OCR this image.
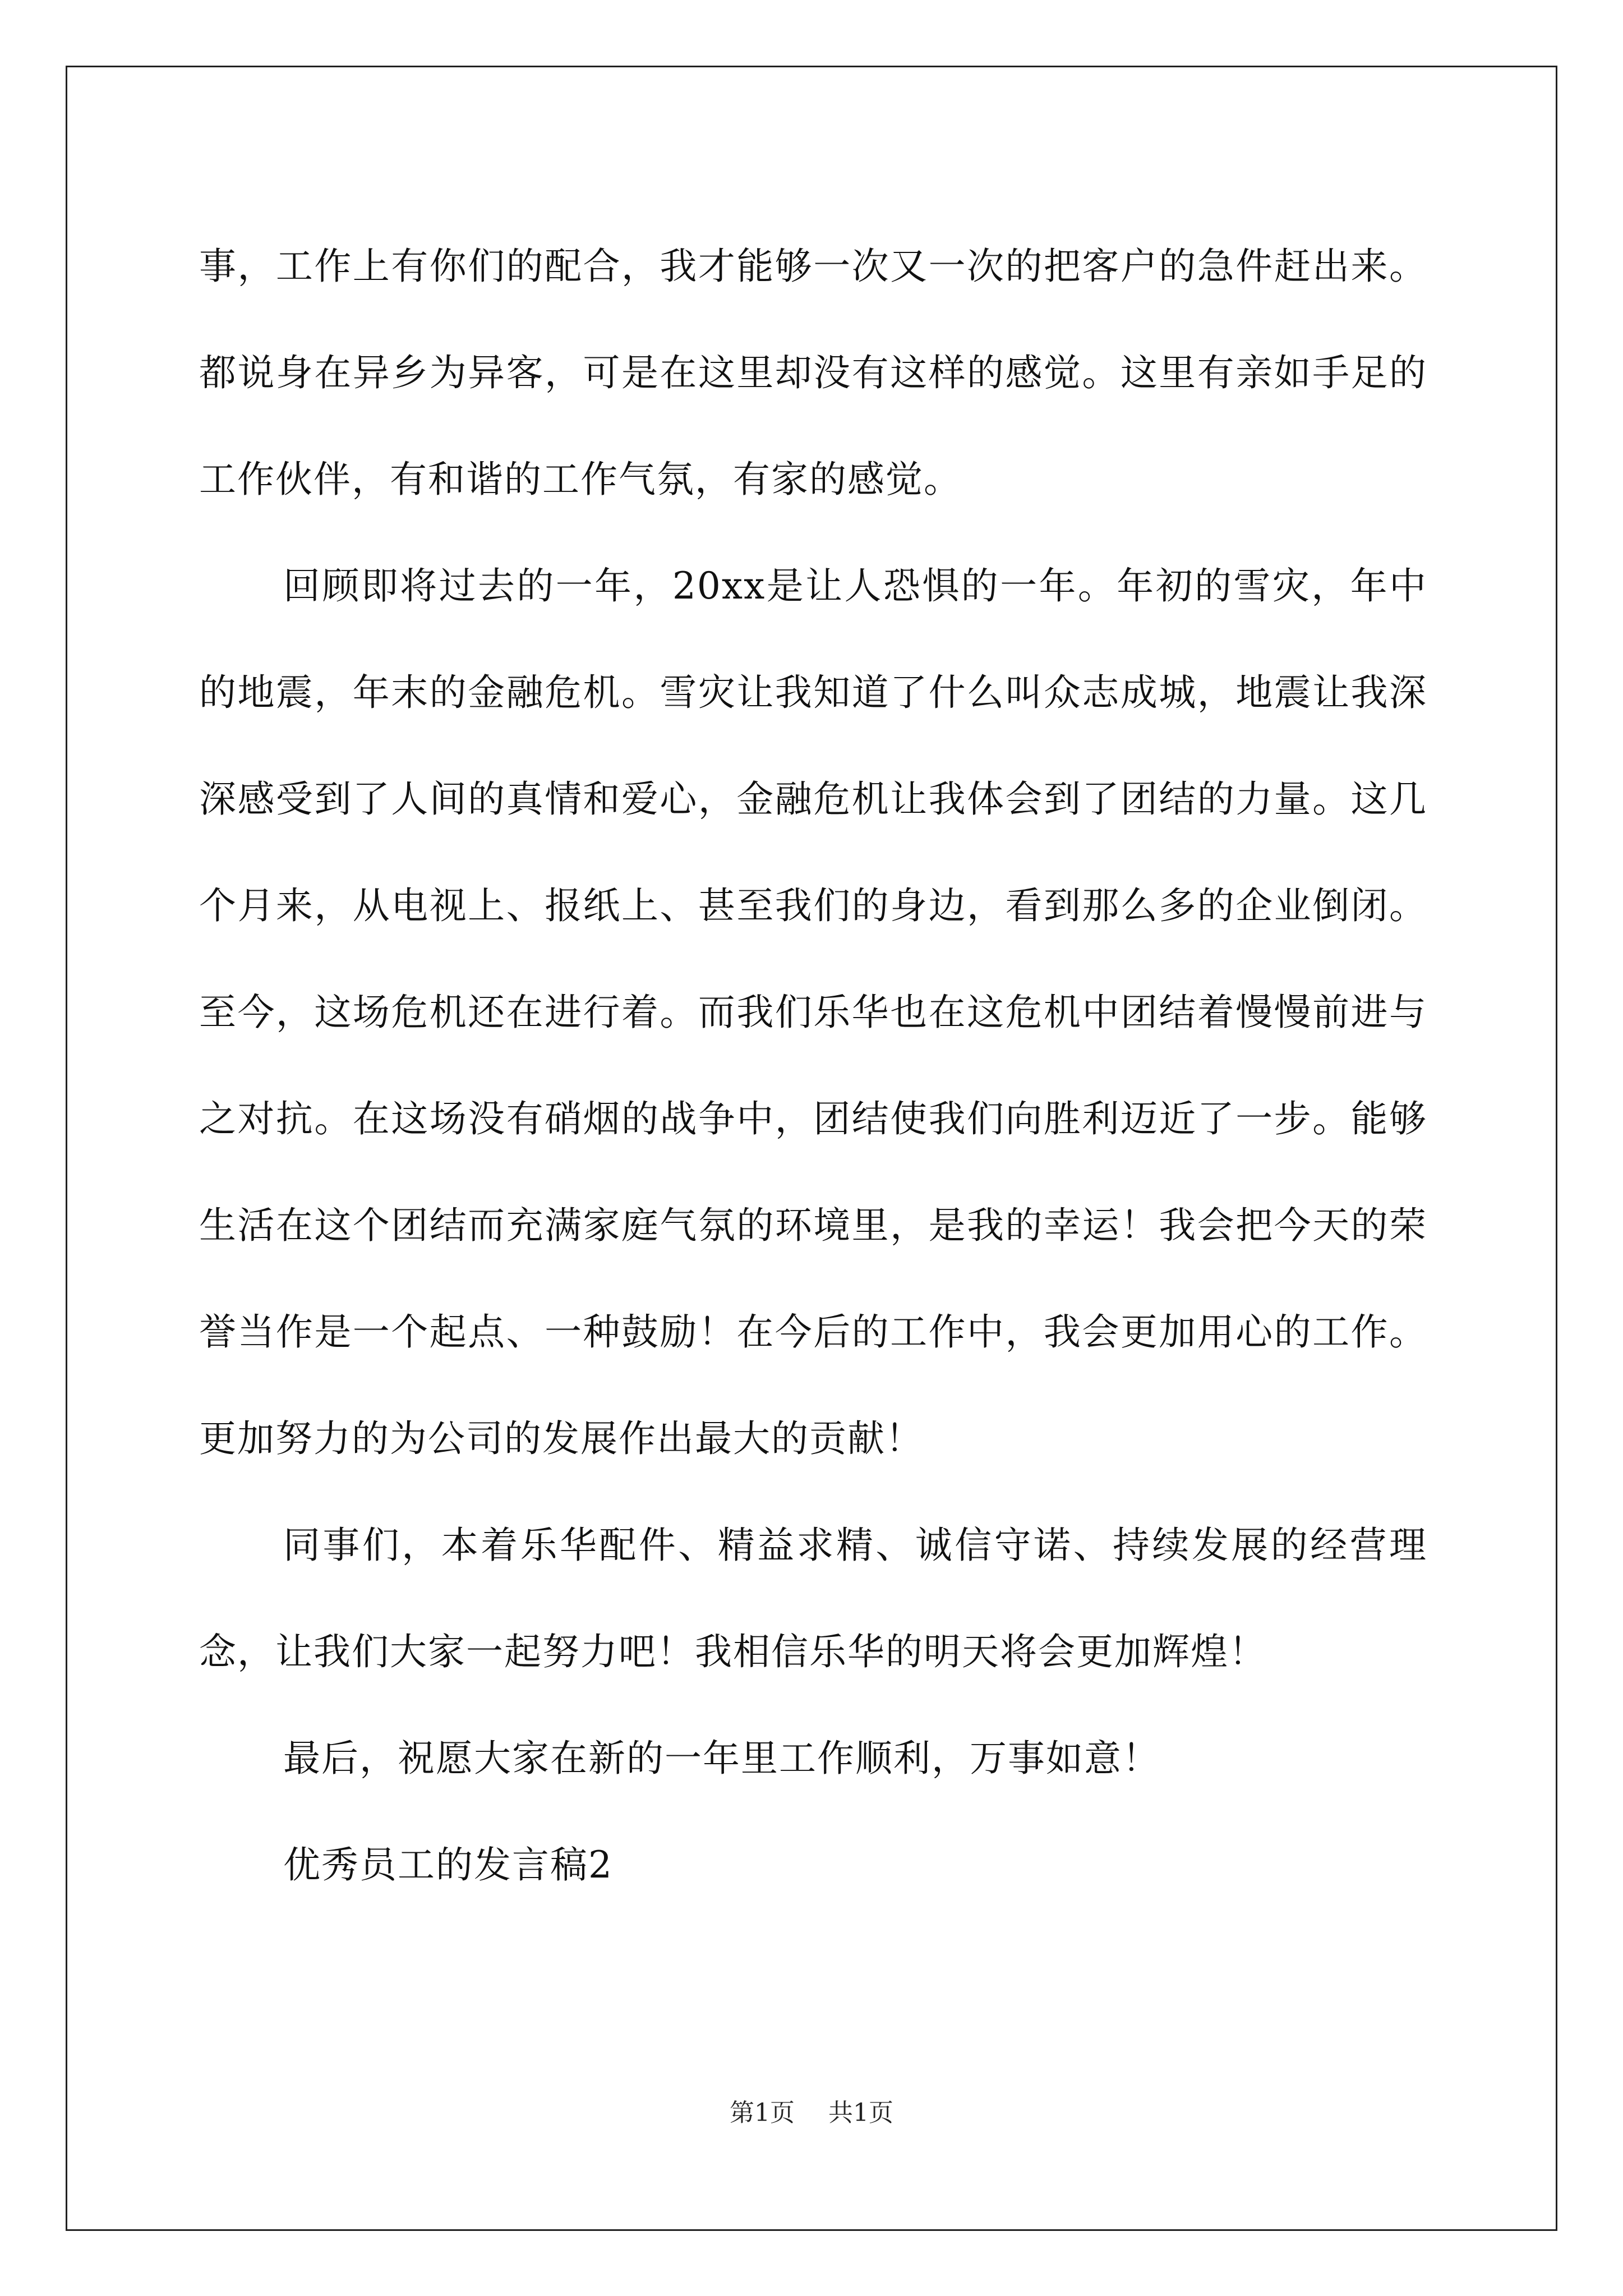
事，工作上有你们的配合，我才能够一次又一次的把客户的急件赶出来。都说身在异乡为异客，可是在这里却没有这样的感觉。这里有亲如手足的工作伙伴，有和谐的工作气氛，有家的感觉。

回顾即将过去的一年，20xx是让人恐惧的一年。年初的雪灾，年中的地震，年末的金融危机。雪灾让我知道了什么叫众志成城，地震让我深深感受到了人间的真情和爱心，金融危机让我体会到了团结的力量。这几个月来，从电视上、报纸上、甚至我们的身边，看到那么多的企业倒闭。至今，这场危机还在进行着。而我们乐华也在这危机中团结着慢慢前进与之对抗。在这场没有硝烟的战争中，团结使我们向胜利迈近了一步。能够生活在这个团结而充满家庭气氛的环境里，是我的幸运！我会把今天的荣誉当作是一个起点、一种鼓励！在今后的工作中，我会更加用心的工作。更加努力的为公司的发展作出最大的贡献！

同事们，本着乐华配件、精益求精、诚信守诺、持续发展的经营理念，让我们大家一起努力吧！我相信乐华的明天将会更加辉煌！

最后，祝愿大家在新的一年里工作顺利，万事如意！

优秀员工的发言稿2

第1页 共1页
